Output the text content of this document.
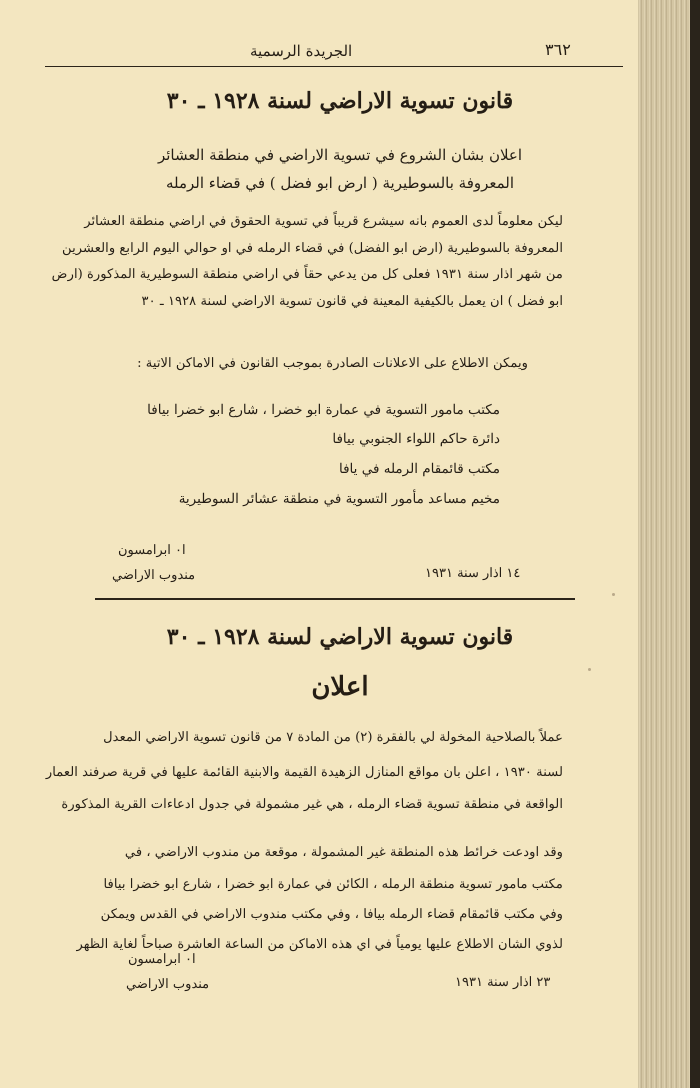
الجريدة الرسمية	٣٦٢

قانون تسوية الاراضي لسنة ١٩٢٨ ـ ٣٠

اعلان بشان الشروع في تسوية الاراضي في منطقة العشائر

المعروفة بالسوطيرية ( ارض ابو فضل ) في قضاء الرمله

ليكن معلوماً لدى العموم بانه سيشرع قريباً في تسوية الحقوق في اراضي منطقة العشائر

المعروفة بالسوطيرية (ارض ابو الفضل) في قضاء الرمله في او حوالي اليوم الرابع والعشرين

من شهر اذار سنة ١٩٣١ فعلى كل من يدعي حقاً في اراضي منطقة السوطيرية المذكورة (ارض

ابو فضل ) ان يعمل بالكيفية المعينة في قانون تسوية الاراضي لسنة ١٩٢٨ ـ ٣٠

ويمكن الاطلاع على الاعلانات الصادرة بموجب القانون في الاماكن الاتية :

مكتب مامور التسوية في عمارة ابو خضرا ، شارع ابو خضرا بيافا

دائرة حاكم اللواء الجنوبي بيافا

مكتب قائمقام الرمله في يافا

مخيم مساعد مأمور التسوية في منطقة عشائر السوطيرية

ا٠ ابرامسون

مندوب الاراضي	١٤ اذار سنة ١٩٣١

قانون تسوية الاراضي لسنة ١٩٢٨ ـ ٣٠

اعلان

عملاً بالصلاحية المخولة لي بالفقرة (٢) من المادة ٧ من قانون تسوية الاراضي المعدل

لسنة ١٩٣٠ ، اعلن بان مواقع المنازل الزهيدة القيمة والابنية القائمة عليها في قرية صرفند العمار

الواقعة في منطقة تسوية قضاء الرمله ، هي غير مشمولة في جدول ادعاءات القرية المذكورة

وقد اودعت خرائط هذه المنطقة غير المشمولة ، موقعة من مندوب الاراضي ، في

مكتب مامور تسوية منطقة الرمله ، الكائن في عمارة ابو خضرا ، شارع ابو خضرا بيافا

وفي مكتب قائمقام قضاء الرمله بيافا ، وفي مكتب مندوب الاراضي في القدس ويمكن

لذوي الشان الاطلاع عليها يومياً في اي هذه الاماكن من الساعة العاشرة صباحاً لغاية الظهر

ا٠ ابرامسون

مندوب الاراضي	٢٣ اذار سنة ١٩٣١
